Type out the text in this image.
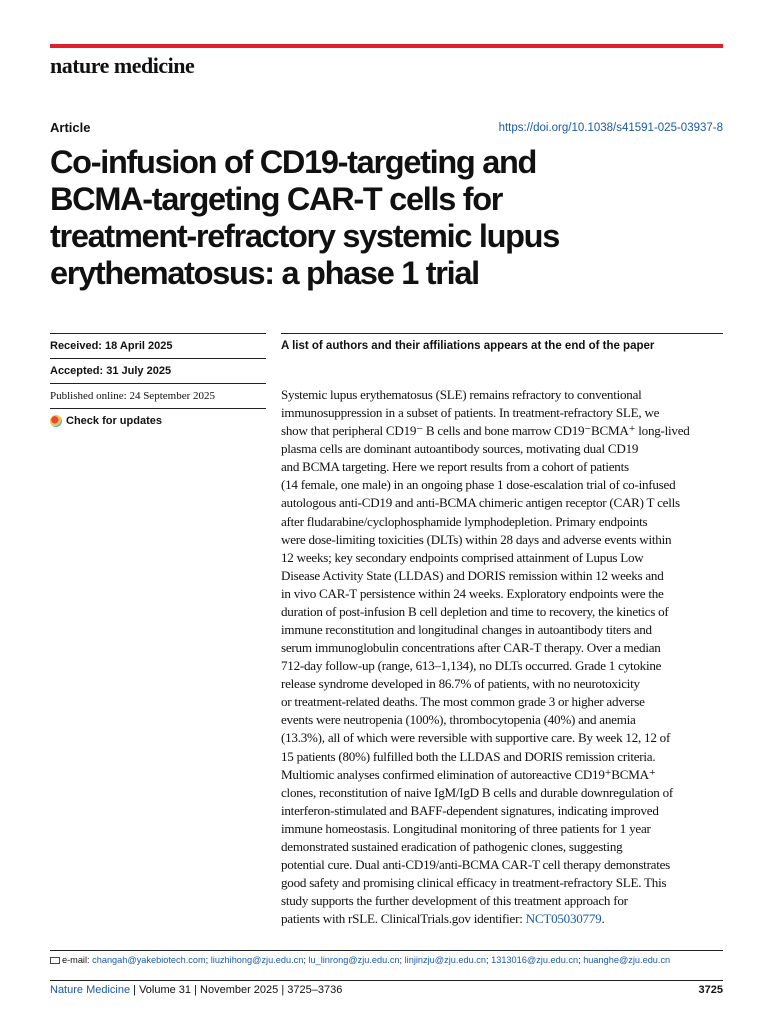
nature medicine
Article	https://doi.org/10.1038/s41591-025-03937-8
Co-infusion of CD19-targeting and
BCMA-targeting CAR-T cells for
treatment-refractory systemic lupus
erythematosus: a phase 1 trial
Received: 18 April 2025
Accepted: 31 July 2025
Published online: 24 September 2025
Check for updates
A list of authors and their affiliations appears at the end of the paper
Systemic lupus erythematosus (SLE) remains refractory to conventional
immunosuppression in a subset of patients. In treatment-refractory SLE, we
show that peripheral CD19⁻ B cells and bone marrow CD19⁻BCMA⁺ long-lived
plasma cells are dominant autoantibody sources, motivating dual CD19
and BCMA targeting. Here we report results from a cohort of patients
(14 female, one male) in an ongoing phase 1 dose-escalation trial of co-infused
autologous anti-CD19 and anti-BCMA chimeric antigen receptor (CAR) T cells
after fludarabine/cyclophosphamide lymphodepletion. Primary endpoints
were dose-limiting toxicities (DLTs) within 28 days and adverse events within
12 weeks; key secondary endpoints comprised attainment of Lupus Low
Disease Activity State (LLDAS) and DORIS remission within 12 weeks and
in vivo CAR-T persistence within 24 weeks. Exploratory endpoints were the
duration of post-infusion B cell depletion and time to recovery, the kinetics of
immune reconstitution and longitudinal changes in autoantibody titers and
serum immunoglobulin concentrations after CAR-T therapy. Over a median
712-day follow-up (range, 613–1,134), no DLTs occurred. Grade 1 cytokine
release syndrome developed in 86.7% of patients, with no neurotoxicity
or treatment-related deaths. The most common grade 3 or higher adverse
events were neutropenia (100%), thrombocytopenia (40%) and anemia
(13.3%), all of which were reversible with supportive care. By week 12, 12 of
15 patients (80%) fulfilled both the LLDAS and DORIS remission criteria.
Multiomic analyses confirmed elimination of autoreactive CD19⁺BCMA⁺
clones, reconstitution of naive IgM/IgD B cells and durable downregulation of
interferon-stimulated and BAFF-dependent signatures, indicating improved
immune homeostasis. Longitudinal monitoring of three patients for 1 year
demonstrated sustained eradication of pathogenic clones, suggesting
potential cure. Dual anti-CD19/anti-BCMA CAR-T cell therapy demonstrates
good safety and promising clinical efficacy in treatment-refractory SLE. This
study supports the further development of this treatment approach for
patients with rSLE. ClinicalTrials.gov identifier: NCT05030779.
e-mail: changah@yakebiotech.com; liuzhihong@zju.edu.cn; lu_linrong@zju.edu.cn; linjinzju@zju.edu.cn; 1313016@zju.edu.cn; huanghe@zju.edu.cn
Nature Medicine | Volume 31 | November 2025 | 3725–3736	3725
